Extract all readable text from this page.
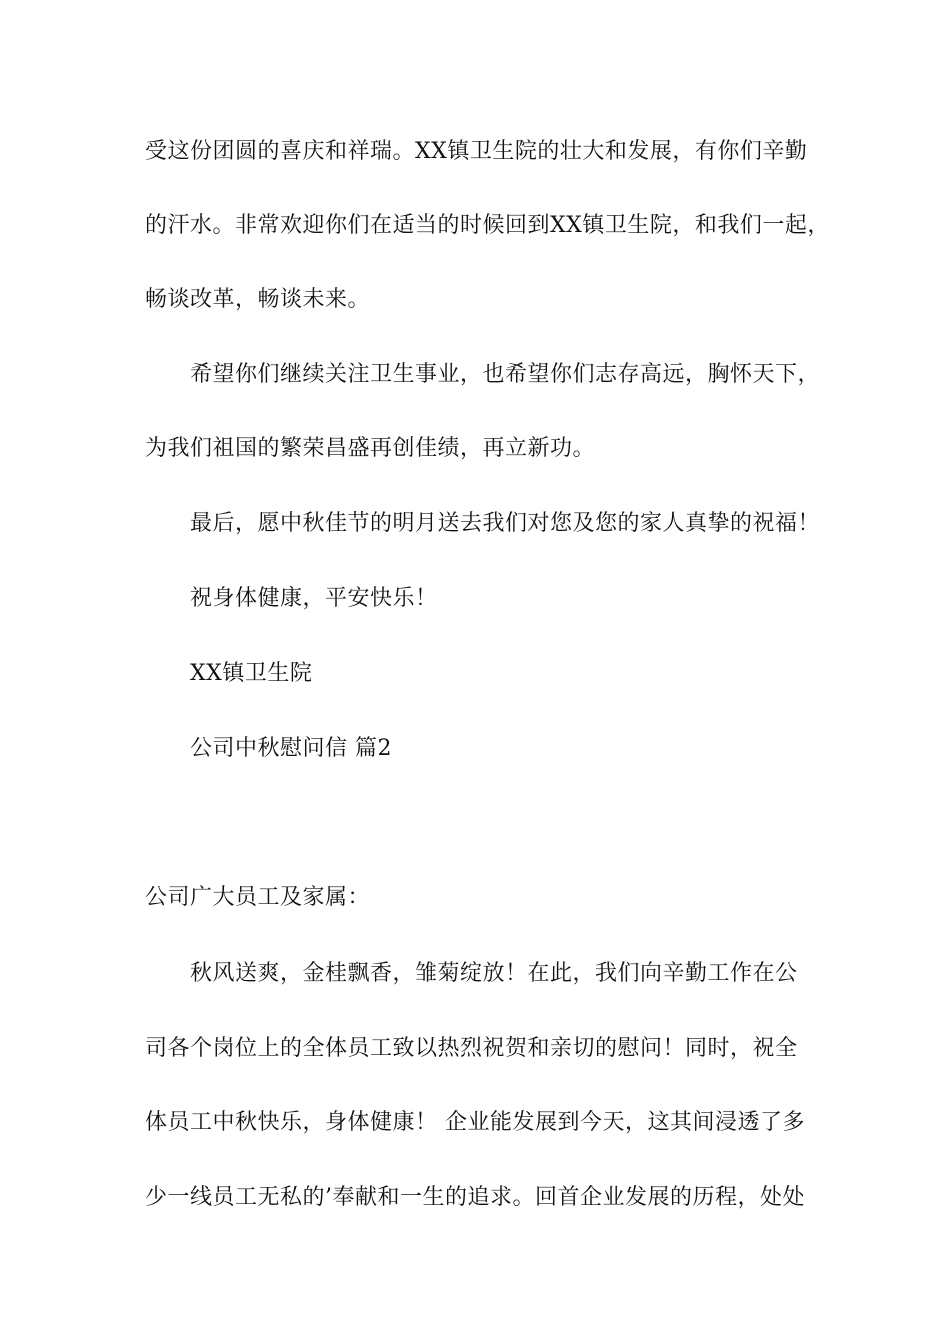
受这份团圆的喜庆和祥瑞。XX镇卫生院的壮大和发展，有你们辛勤
的汗水。非常欢迎你们在适当的时候回到XX镇卫生院，和我们一起，
畅谈改革，畅谈未来。
希望你们继续关注卫生事业，也希望你们志存高远，胸怀天下，
为我们祖国的繁荣昌盛再创佳绩，再立新功。
最后，愿中秋佳节的明月送去我们对您及您的家人真挚的祝福！
祝身体健康，平安快乐！
XX镇卫生院
公司中秋慰问信 篇2
公司广大员工及家属：
秋风送爽，金桂飘香，雏菊绽放！在此，我们向辛勤工作在公
司各个岗位上的全体员工致以热烈祝贺和亲切的慰问！同时，祝全
体员工中秋快乐，身体健康！ 企业能发展到今天，这其间浸透了多
少一线员工无私的’奉献和一生的追求。回首企业发展的历程，处处
